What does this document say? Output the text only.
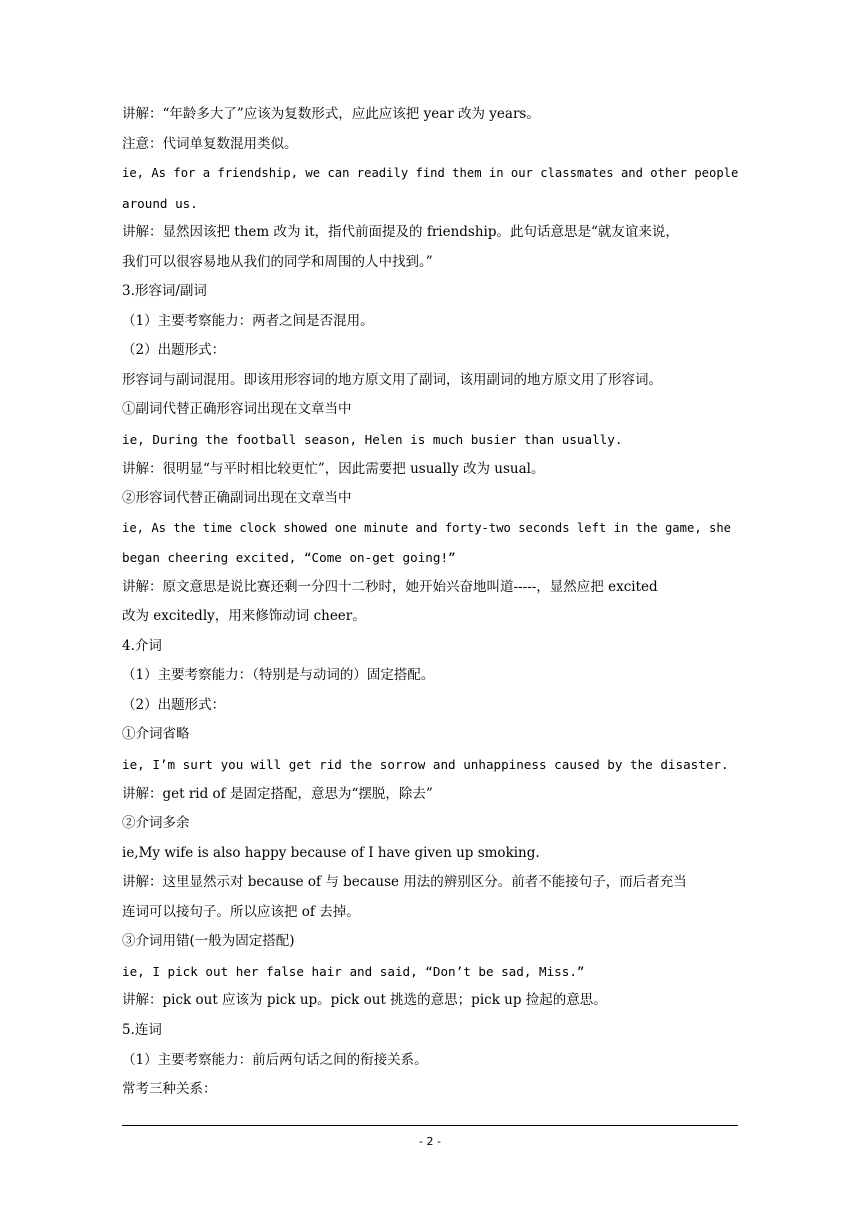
讲解：“年龄多大了”应该为复数形式，应此应该把 year 改为 years。
注意：代词单复数混用类似。
ie, As for a friendship, we can readily find them in our classmates and other people
around us.
讲解：显然因该把 them 改为 it，指代前面提及的 friendship。此句话意思是“就友谊来说，
我们可以很容易地从我们的同学和周围的人中找到。”
3.形容词/副词
（1）主要考察能力：两者之间是否混用。
（2）出题形式：
形容词与副词混用。即该用形容词的地方原文用了副词，该用副词的地方原文用了形容词。
①副词代替正确形容词出现在文章当中
ie, During the football season, Helen is much busier than usually.
讲解：很明显“与平时相比较更忙”，因此需要把 usually 改为 usual。
②形容词代替正确副词出现在文章当中
ie, As the time clock showed one minute and forty-two seconds left in the game, she
began cheering excited, “Come on-get going!”
讲解：原文意思是说比赛还剩一分四十二秒时，她开始兴奋地叫道-----，显然应把 excited
改为 excitedly，用来修饰动词 cheer。
4.介词
（1）主要考察能力：（特别是与动词的）固定搭配。
（2）出题形式：
①介词省略
ie, I’m surt you will get rid the sorrow and unhappiness caused by the disaster.
讲解：get rid of 是固定搭配，意思为“摆脱，除去”
②介词多余
ie,My wife is also happy because of I have given up smoking.
讲解：这里显然示对 because of 与 because 用法的辨别区分。前者不能接句子，而后者充当
连词可以接句子。所以应该把 of 去掉。
③介词用错(一般为固定搭配)
ie, I pick out her false hair and said, “Don’t be sad, Miss.”
讲解：pick out 应该为 pick up。pick out 挑选的意思；pick up 捡起的意思。
5.连词
（1）主要考察能力：前后两句话之间的衔接关系。
常考三种关系：
- 2 -
